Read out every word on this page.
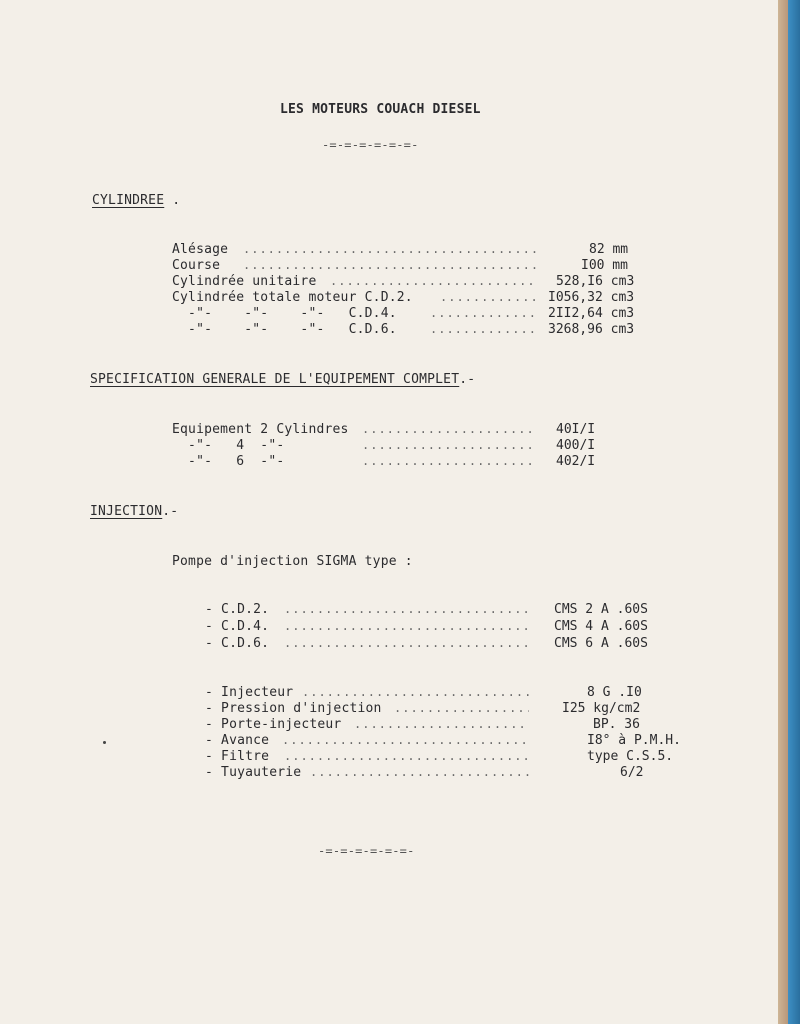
LES MOTEURS COUACH DIESEL
-=-=-=-=-=-=-
CYLINDREE .
Alésage .....	82 mm
Course .....	I00 mm
Cylindrée unitaire .....	528,I6 cm3
Cylindrée totale moteur C.D.2. .....	I056,32 cm3
-"-    -"-    -"-   C.D.4. .....	2II2,64 cm3
-"-    -"-    -"-   C.D.6. .....	3268,96 cm3
SPECIFICATION GENERALE DE L'EQUIPEMENT COMPLET.-
Equipement 2 Cylindres .....	40I/I
-"-   4  -"- .....	400/I
-"-   6  -"- .....	402/I
INJECTION.-
Pompe d'injection SIGMA type :
- C.D.2. .....	CMS 2 A .60S
- C.D.4. .....	CMS 4 A .60S
- C.D.6. .....	CMS 6 A .60S
- Injecteur .....	8 G .I0
- Pression d'injection .....	I25 kg/cm2
- Porte-injecteur .....	BP. 36
- Avance .....	I8° à P.M.H.
- Filtre .....	type C.S.5.
- Tuyauterie .....	6/2
-=-=-=-=-=-=-
